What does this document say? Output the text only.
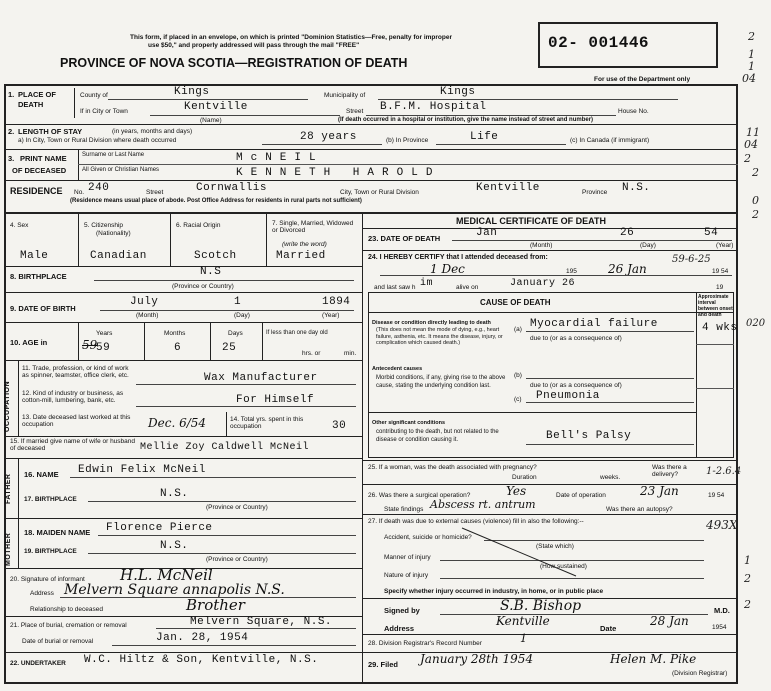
This form, if placed in an envelope, on which is printed "Dominion Statistics—Free, penalty for improper
use $50," and properly addressed will pass through the mail "FREE"
PROVINCE OF NOVA SCOTIA—REGISTRATION OF DEATH
02- 001446
For use of the Department only
2
1
1
04
1. PLACE OF DEATH
County of	Kings	Municipality of	Kings
If in City or Town	Kentville
(Name)
Street B.F.M. Hospital	House No.
(If death occurred in a hospital or institution, give the name instead of street and number)
2. LENGTH OF STAY	(in years, months and days)
a) In City, Town or Rural Division where death occurred	28 years	(b) In Province	Life	(c) In Canada (if immigrant)
11
04
3. PRINT NAME
OF DECEASED
Surname or Last Name	McNEIL
All Given or Christian Names	KENNETH HAROLD
RESIDENCE No. 240	Street	Cornwallis	City, Town or Rural Division	Kentville	Province N.S.
(Residence means usual place of abode. Post Office Address for residents in rural parts not sufficient)
2
2
0
2
4. Sex
Male
5. Citizenship
(Nationality)
Canadian
6. Racial Origin
Scotch
7. Single, Married, Widowed or Divorced
(write the word)
Married
8. BIRTHPLACE	N.S
(Province or Country)
9. DATE OF BIRTH
July	1	1894
(Month)	(Day)	(Year)
10. AGE in
Years
59
59
Months
6
Days
25
If less than one day old
hrs. or	min.
OCCUPATION
11. Trade, profession, or kind of work as spinner, teamster, office clerk, etc.	Wax Manufacturer
12. Kind of industry or business, as cotton-mill, lumbering, bank, etc.	For Himself
13. Date deceased last worked at this occupation	Dec. 6/54	14. Total yrs. spent in this occupation	30
15. If married give name of wife or husband of deceased	Mellie Zoy Caldwell McNeil
FATHER 16. NAME Edwin Felix McNeil
17. BIRTHPLACE	N.S.
(Province or Country)
MOTHER
18. MAIDEN NAME Florence Pierce
19. BIRTHPLACE	N.S.
(Province or Country)
20. Signature of informant H.L. McNeil
Address Melvern Square annapolis N.S.
Relationship to deceased	Brother
21. Place of burial, cremation or removal	Melvern Square, N.S.
Date of burial or removal	Jan. 28, 1954
22. UNDERTAKER W.C. Hiltz & Son, Kentville, N.S.
MEDICAL CERTIFICATE OF DEATH
23. DATE OF DEATH	Jan	26	54
(Month)	(Day)	(Year)
24. I HEREBY CERTIFY that I attended deceased from:
1 Dec	195	26 Jan	19 54
and last saw h im	alive on	January 26	19
CAUSE OF DEATH
Approximate interval between onset and death
Disease or condition directly leading to death
(This does not mean the mode of dying, e.g., heart failure, asthenia, etc. It means the disease, injury, or complication which caused death.)
(a) Myocardial failure
due to (or as a consequence of)
4 wks
Antecedent causes
Morbid conditions, if any, giving rise to the above cause, stating the underlying condition last.
(b)
due to (or as a consequence of)
(c) Pneumonia
Other significant conditions
contributing to the death, but not related to the disease or condition causing it.	Bell's Palsy
25. If a woman, was the death associated with pregnancy?
Duration	weeks.
Was there a delivery?
26. Was there a surgical operation?	Yes	Date of operation	23 Jan	19 54
State findings Abscess rt. antrum	Was there an autopsy?
27. If death was due to external causes (violence) fill in also the following:--
Accident, suicide or homicide?
(State which)
Manner of injury
(How sustained)
Nature of injury
Specify whether injury occurred in industry, in home, or in public place
Signed by	S.B. Bishop	M.D.
Address
Kentville
Date
28 Jan	1954
28. Division Registrar's Record Number	1
29. Filed January 28th 1954	Helen M. Pike
(Division Registrar)
59-6-25
020
1-2.6.4
493X
1
2
2
